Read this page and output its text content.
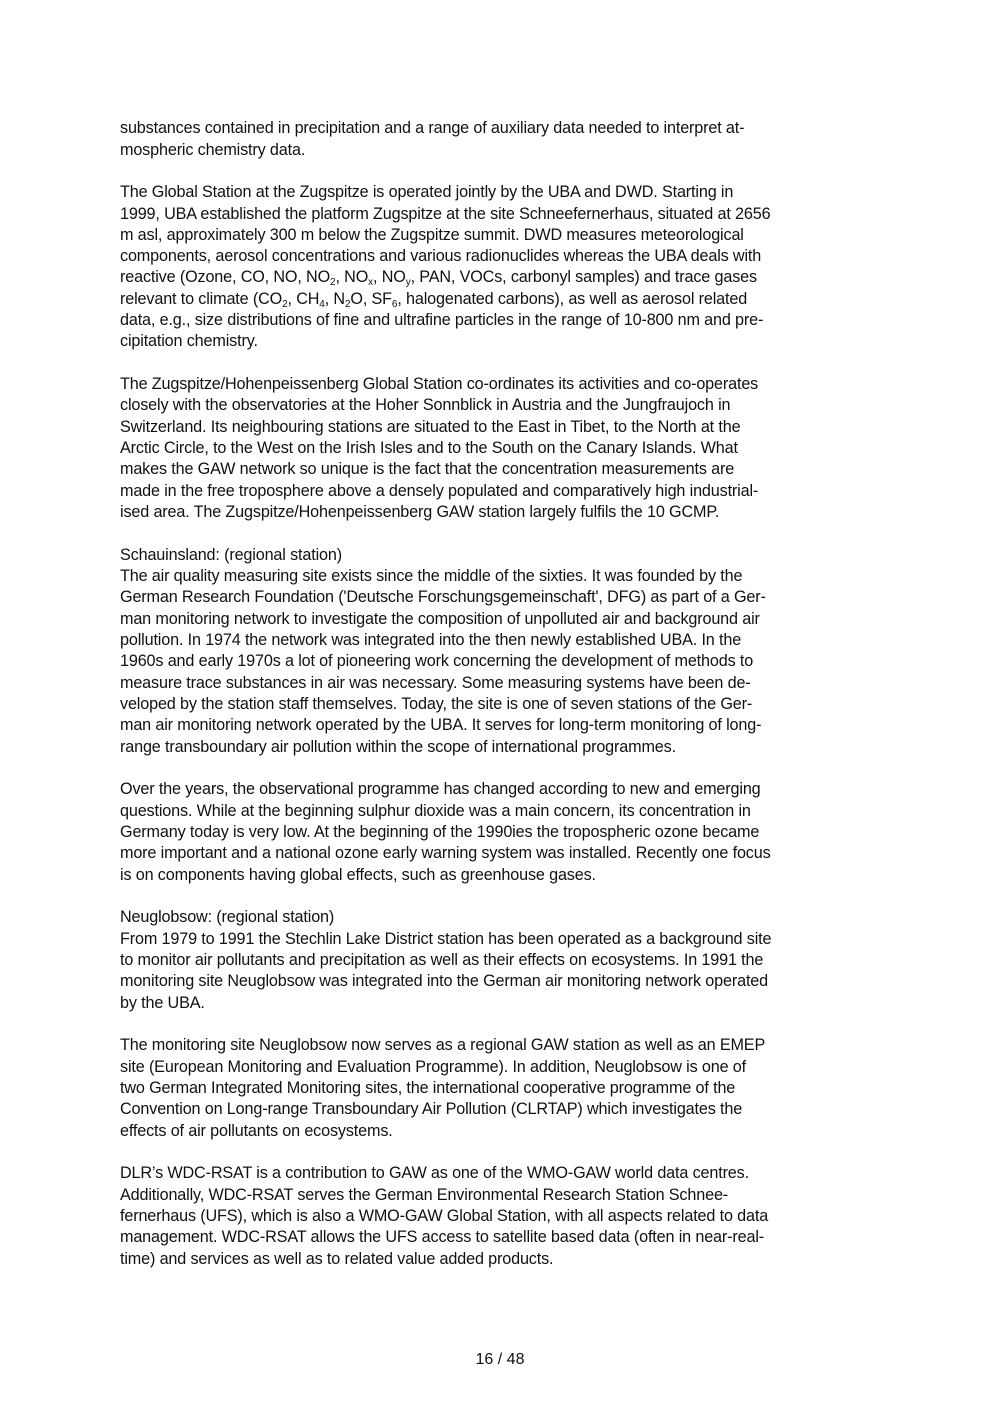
substances contained in precipitation and a range of auxiliary data needed to interpret at-
mospheric chemistry data.
The Global Station at the Zugspitze is operated jointly by the UBA and DWD. Starting in
1999, UBA established the platform Zugspitze at the site Schneefernerhaus, situated at 2656
m asl, approximately 300 m below the Zugspitze summit. DWD measures meteorological
components, aerosol concentrations and various radionuclides whereas the UBA deals with
reactive (Ozone, CO, NO, $NO_2$, $NO_x$, $NO_y$, PAN, VOCs, carbonyl samples) and trace gases
relevant to climate ($CO_2$, $CH_4$, $N_2O$, $SF_6$, halogenated carbons), as well as aerosol related
data, e.g., size distributions of fine and ultrafine particles in the range of 10-800 nm and pre-
cipitation chemistry.
The Zugspitze/Hohenpeissenberg Global Station co-ordinates its activities and co-operates
closely with the observatories at the Hoher Sonnblick in Austria and the Jungfraujoch in
Switzerland. Its neighbouring stations are situated to the East in Tibet, to the North at the
Arctic Circle, to the West on the Irish Isles and to the South on the Canary Islands. What
makes the GAW network so unique is the fact that the concentration measurements are
made in the free troposphere above a densely populated and comparatively high industrial-
ised area. The Zugspitze/Hohenpeissenberg GAW station largely fulfils the 10 GCMP.
Schauinsland: (regional station)
The air quality measuring site exists since the middle of the sixties. It was founded by the
German Research Foundation ('Deutsche Forschungsgemeinschaft', DFG) as part of a Ger-
man monitoring network to investigate the composition of unpolluted air and background air
pollution. In 1974 the network was integrated into the then newly established UBA. In the
1960s and early 1970s a lot of pioneering work concerning the development of methods to
measure trace substances in air was necessary. Some measuring systems have been de-
veloped by the station staff themselves. Today, the site is one of seven stations of the Ger-
man air monitoring network operated by the UBA. It serves for long-term monitoring of long-
range transboundary air pollution within the scope of international programmes.
Over the years, the observational programme has changed according to new and emerging
questions. While at the beginning sulphur dioxide was a main concern, its concentration in
Germany today is very low. At the beginning of the 1990ies the tropospheric ozone became
more important and a national ozone early warning system was installed. Recently one focus
is on components having global effects, such as greenhouse gases.
Neuglobsow: (regional station)
From 1979 to 1991 the Stechlin Lake District station has been operated as a background site
to monitor air pollutants and precipitation as well as their effects on ecosystems. In 1991 the
monitoring site Neuglobsow was integrated into the German air monitoring network operated
by the UBA.
The monitoring site Neuglobsow now serves as a regional GAW station as well as an EMEP
site (European Monitoring and Evaluation Programme). In addition, Neuglobsow is one of
two German Integrated Monitoring sites, the international cooperative programme of the
Convention on Long-range Transboundary Air Pollution (CLRTAP) which investigates the
effects of air pollutants on ecosystems.
DLR’s WDC-RSAT is a contribution to GAW as one of the WMO-GAW world data centres.
Additionally, WDC-RSAT serves the German Environmental Research Station Schnee-
fernerhaus (UFS), which is also a WMO-GAW Global Station, with all aspects related to data
management. WDC-RSAT allows the UFS access to satellite based data (often in near-real-
time) and services as well as to related value added products.
16 / 48
